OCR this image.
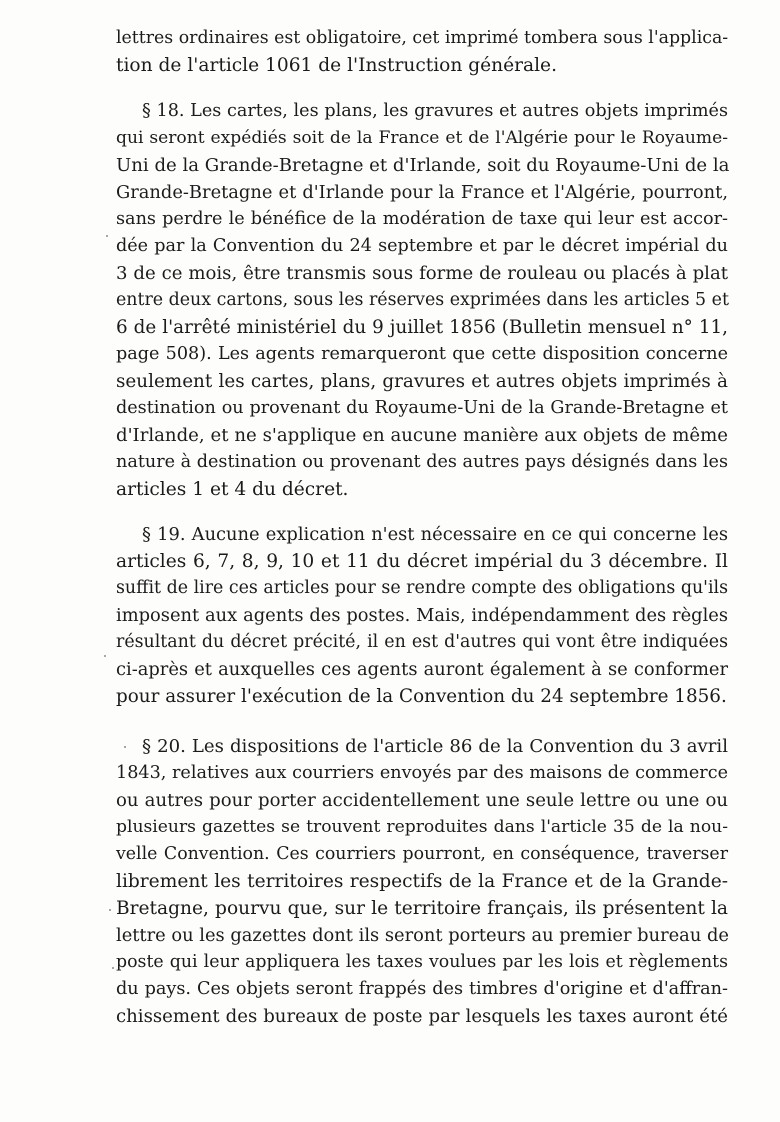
lettres ordinaires est obligatoire, cet imprimé tombera sous l'applica-
tion de l'article 1061 de l'Instruction générale.
§ 18. Les cartes, les plans, les gravures et autres objets imprimés
qui seront expédiés soit de la France et de l'Algérie pour le Royaume-
Uni de la Grande-Bretagne et d'Irlande, soit du Royaume-Uni de la
Grande-Bretagne et d'Irlande pour la France et l'Algérie, pourront,
sans perdre le bénéfice de la modération de taxe qui leur est accor-
dée par la Convention du 24 septembre et par le décret impérial du
3 de ce mois, être transmis sous forme de rouleau ou placés à plat
entre deux cartons, sous les réserves exprimées dans les articles 5 et
6 de l'arrêté ministériel du 9 juillet 1856 (Bulletin mensuel n° 11,
page 508). Les agents remarqueront que cette disposition concerne
seulement les cartes, plans, gravures et autres objets imprimés à
destination ou provenant du Royaume-Uni de la Grande-Bretagne et
d'Irlande, et ne s'applique en aucune manière aux objets de même
nature à destination ou provenant des autres pays désignés dans les
articles 1 et 4 du décret.
§ 19. Aucune explication n'est nécessaire en ce qui concerne les
articles 6, 7, 8, 9, 10 et 11 du décret impérial du 3 décembre. Il
suffit de lire ces articles pour se rendre compte des obligations qu'ils
imposent aux agents des postes. Mais, indépendamment des règles
résultant du décret précité, il en est d'autres qui vont être indiquées
ci-après et auxquelles ces agents auront également à se conformer
pour assurer l'exécution de la Convention du 24 septembre 1856.
§ 20. Les dispositions de l'article 86 de la Convention du 3 avril
1843, relatives aux courriers envoyés par des maisons de commerce
ou autres pour porter accidentellement une seule lettre ou une ou
plusieurs gazettes se trouvent reproduites dans l'article 35 de la nou-
velle Convention. Ces courriers pourront, en conséquence, traverser
librement les territoires respectifs de la France et de la Grande-
Bretagne, pourvu que, sur le territoire français, ils présentent la
lettre ou les gazettes dont ils seront porteurs au premier bureau de
poste qui leur appliquera les taxes voulues par les lois et règlements
du pays. Ces objets seront frappés des timbres d'origine et d'affran-
chissement des bureaux de poste par lesquels les taxes auront été
